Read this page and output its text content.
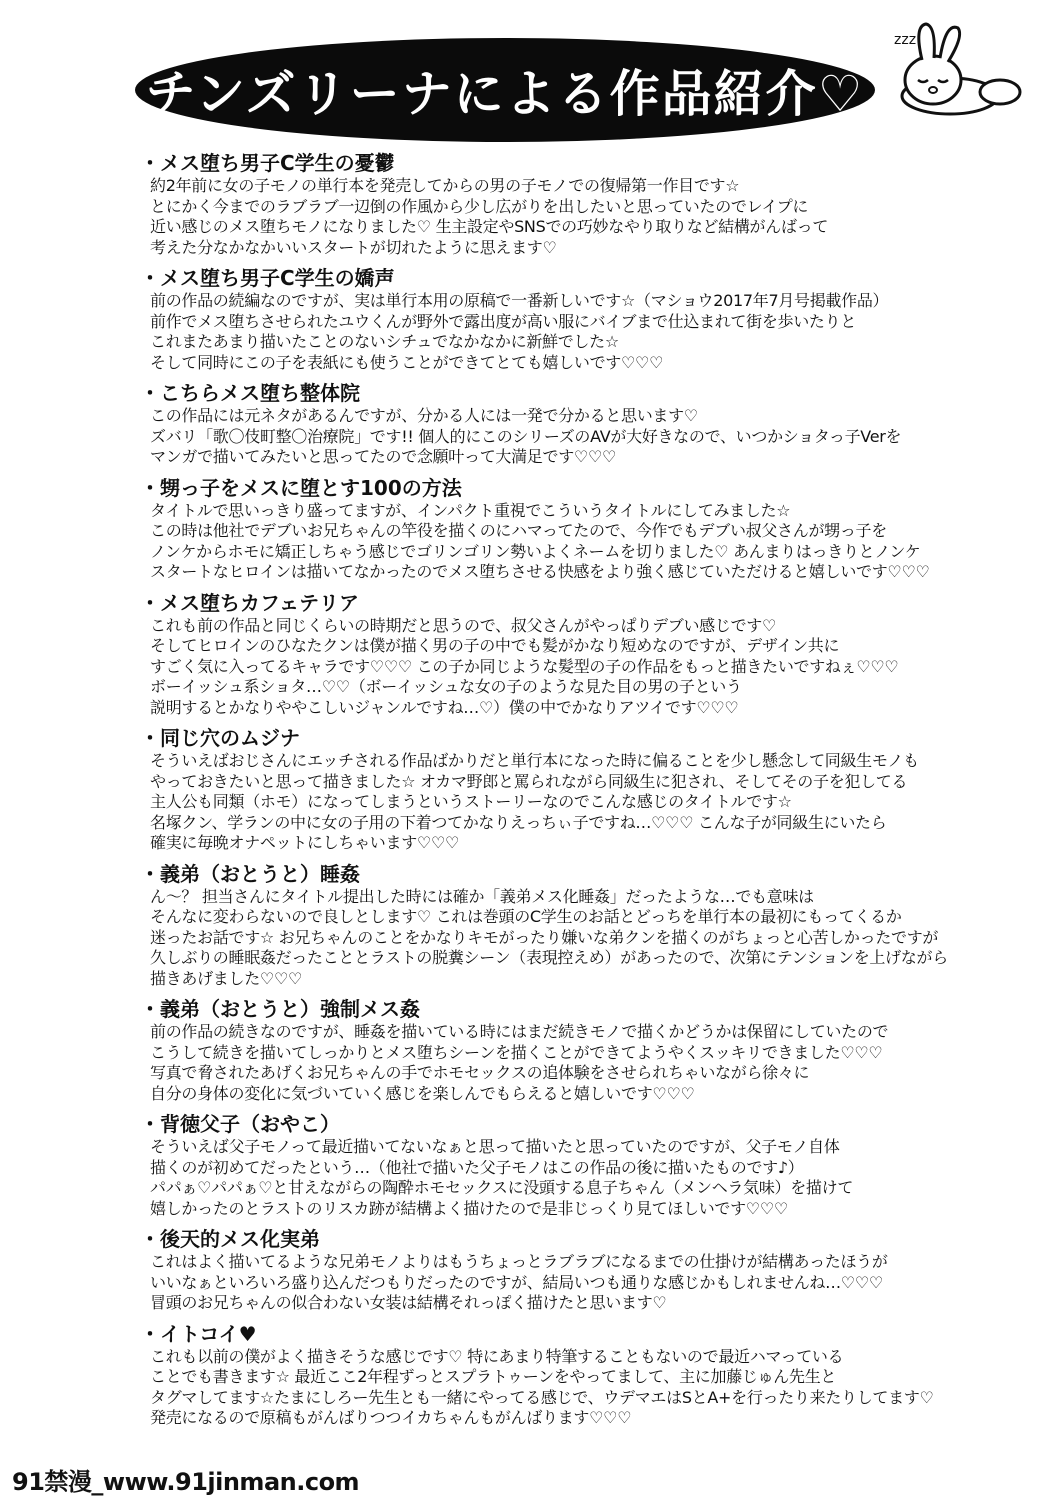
チンズリーナによる作品紹介♡
zzz
・メス堕ち男子C学生の憂鬱
約2年前に女の子モノの単行本を発売してからの男の子モノでの復帰第一作目です☆
とにかく今までのラブラブ一辺倒の作風から少し広がりを出したいと思っていたのでレイプに
近い感じのメス堕ちモノになりました♡ 生主設定やSNSでの巧妙なやり取りなど結構がんばって
考えた分なかなかいいスタートが切れたように思えます♡
・メス堕ち男子C学生の嬌声
前の作品の続編なのですが、実は単行本用の原稿で一番新しいです☆（マショウ2017年7月号掲載作品）
前作でメス堕ちさせられたユウくんが野外で露出度が高い服にバイブまで仕込まれて街を歩いたりと
これまたあまり描いたことのないシチュでなかなかに新鮮でした☆
そして同時にこの子を表紙にも使うことができてとても嬉しいです♡♡♡
・こちらメス堕ち整体院
この作品には元ネタがあるんですが、分かる人には一発で分かると思います♡
ズバリ「歌〇伎町整〇治療院」です!! 個人的にこのシリーズのAVが大好きなので、いつかショタっ子Verを
マンガで描いてみたいと思ってたので念願叶って大満足です♡♡♡
・甥っ子をメスに堕とす100の方法
タイトルで思いっきり盛ってますが、インパクト重視でこういうタイトルにしてみました☆
この時は他社でデブいお兄ちゃんの竿役を描くのにハマってたので、今作でもデブい叔父さんが甥っ子を
ノンケからホモに矯正しちゃう感じでゴリンゴリン勢いよくネームを切りました♡ あんまりはっきりとノンケ
スタートなヒロインは描いてなかったのでメス堕ちさせる快感をより強く感じていただけると嬉しいです♡♡♡
・メス堕ちカフェテリア
これも前の作品と同じくらいの時期だと思うので、叔父さんがやっぱりデブい感じです♡
そしてヒロインのひなたクンは僕が描く男の子の中でも髪がかなり短めなのですが、デザイン共に
すごく気に入ってるキャラです♡♡♡ この子か同じような髪型の子の作品をもっと描きたいですねぇ♡♡♡
ボーイッシュ系ショタ…♡♡（ボーイッシュな女の子のような見た目の男の子という
説明するとかなりややこしいジャンルですね…♡）僕の中でかなりアツイです♡♡♡
・同じ穴のムジナ
そういえばおじさんにエッチされる作品ばかりだと単行本になった時に偏ることを少し懸念して同級生モノも
やっておきたいと思って描きました☆ オカマ野郎と罵られながら同級生に犯され、そしてその子を犯してる
主人公も同類（ホモ）になってしまうというストーリーなのでこんな感じのタイトルです☆
名塚クン、学ランの中に女の子用の下着つてかなりえっちぃ子ですね…♡♡♡ こんな子が同級生にいたら
確実に毎晩オナペットにしちゃいます♡♡♡
・義弟（おとうと）睡姦
ん〜？ 担当さんにタイトル提出した時には確か「義弟メス化睡姦」だったような…でも意味は
そんなに変わらないので良しとします♡ これは巻頭のC学生のお話とどっちを単行本の最初にもってくるか
迷ったお話です☆ お兄ちゃんのことをかなりキモがったり嫌いな弟クンを描くのがちょっと心苦しかったですが
久しぶりの睡眠姦だったこととラストの脱糞シーン（表現控えめ）があったので、次第にテンションを上げながら
描きあげました♡♡♡
・義弟（おとうと）強制メス姦
前の作品の続きなのですが、睡姦を描いている時にはまだ続きモノで描くかどうかは保留にしていたので
こうして続きを描いてしっかりとメス堕ちシーンを描くことができてようやくスッキリできました♡♡♡
写真で脅されたあげくお兄ちゃんの手でホモセックスの追体験をさせられちゃいながら徐々に
自分の身体の変化に気づいていく感じを楽しんでもらえると嬉しいです♡♡♡
・背徳父子（おやこ）
そういえば父子モノって最近描いてないなぁと思って描いたと思っていたのですが、父子モノ自体
描くのが初めてだったという…（他社で描いた父子モノはこの作品の後に描いたものです♪）
パパぁ♡パパぁ♡と甘えながらの陶酔ホモセックスに没頭する息子ちゃん（メンヘラ気味）を描けて
嬉しかったのとラストのリスカ跡が結構よく描けたので是非じっくり見てほしいです♡♡♡
・後天的メス化実弟
これはよく描いてるような兄弟モノよりはもうちょっとラブラブになるまでの仕掛けが結構あったほうが
いいなぁといろいろ盛り込んだつもりだったのですが、結局いつも通りな感じかもしれませんね…♡♡♡
冒頭のお兄ちゃんの似合わない女装は結構それっぽく描けたと思います♡
・イトコイ♥
これも以前の僕がよく描きそうな感じです♡ 特にあまり特筆することもないので最近ハマっている
ことでも書きます☆ 最近ここ2年程ずっとスプラトゥーンをやってまして、主に加藤じゅん先生と
タグマしてます☆たまにしろー先生とも一緒にやってる感じで、ウデマエはSとA+を行ったり来たりしてます♡
発売になるので原稿もがんばりつつイカちゃんもがんばります♡♡♡
91禁漫_www.91jinman.com
